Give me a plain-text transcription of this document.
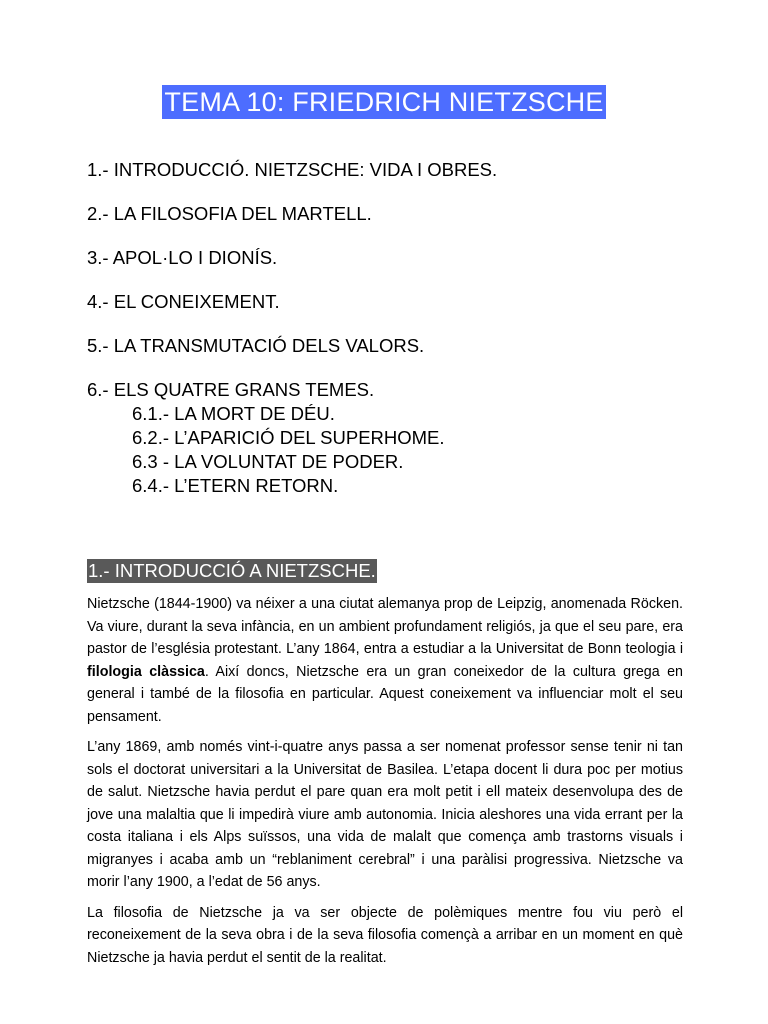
TEMA 10: FRIEDRICH NIETZSCHE

1.- INTRODUCCIÓ. NIETZSCHE: VIDA I OBRES.

2.- LA FILOSOFIA DEL MARTELL.

3.- APOL·LO I DIONÍS.

4.- EL CONEIXEMENT.

5.- LA TRANSMUTACIÓ DELS VALORS.

6.- ELS QUATRE GRANS TEMES.

6.1.- LA MORT DE DÉU.

6.2.- L’APARICIÓ DEL SUPERHOME.

6.3 - LA VOLUNTAT DE PODER.

6.4.- L’ETERN RETORN.

1.- INTRODUCCIÓ A NIETZSCHE.

Nietzsche (1844-1900) va néixer a una ciutat alemanya prop de Leipzig, anomenada Röcken. Va viure, durant la seva infància, en un ambient profundament religiós, ja que el seu pare, era pastor de l’església protestant. L’any 1864, entra a estudiar a la Universitat de Bonn teologia i filologia clàssica. Així doncs, Nietzsche era un gran coneixedor de la cultura grega en general i també de la filosofia en particular. Aquest coneixement va influenciar molt el seu pensament.

L’any 1869, amb només vint-i-quatre anys passa a ser nomenat professor sense tenir ni tan sols el doctorat universitari a la Universitat de Basilea. L’etapa docent li dura poc per motius de salut. Nietzsche havia perdut el pare quan era molt petit i ell mateix desenvolupa des de jove una malaltia que li impedirà viure amb autonomia. Inicia aleshores una vida errant per la costa italiana i els Alps suïssos, una vida de malalt que comença amb trastorns visuals i migranyes i acaba amb un “reblaniment cerebral” i una paràlisi progressiva. Nietzsche va morir l’any 1900, a l’edat de 56 anys.

La filosofia de Nietzsche ja va ser objecte de polèmiques mentre fou viu però el reconeixement de la seva obra i de la seva filosofia començà a arribar en un moment en què Nietzsche ja havia perdut el sentit de la realitat.
